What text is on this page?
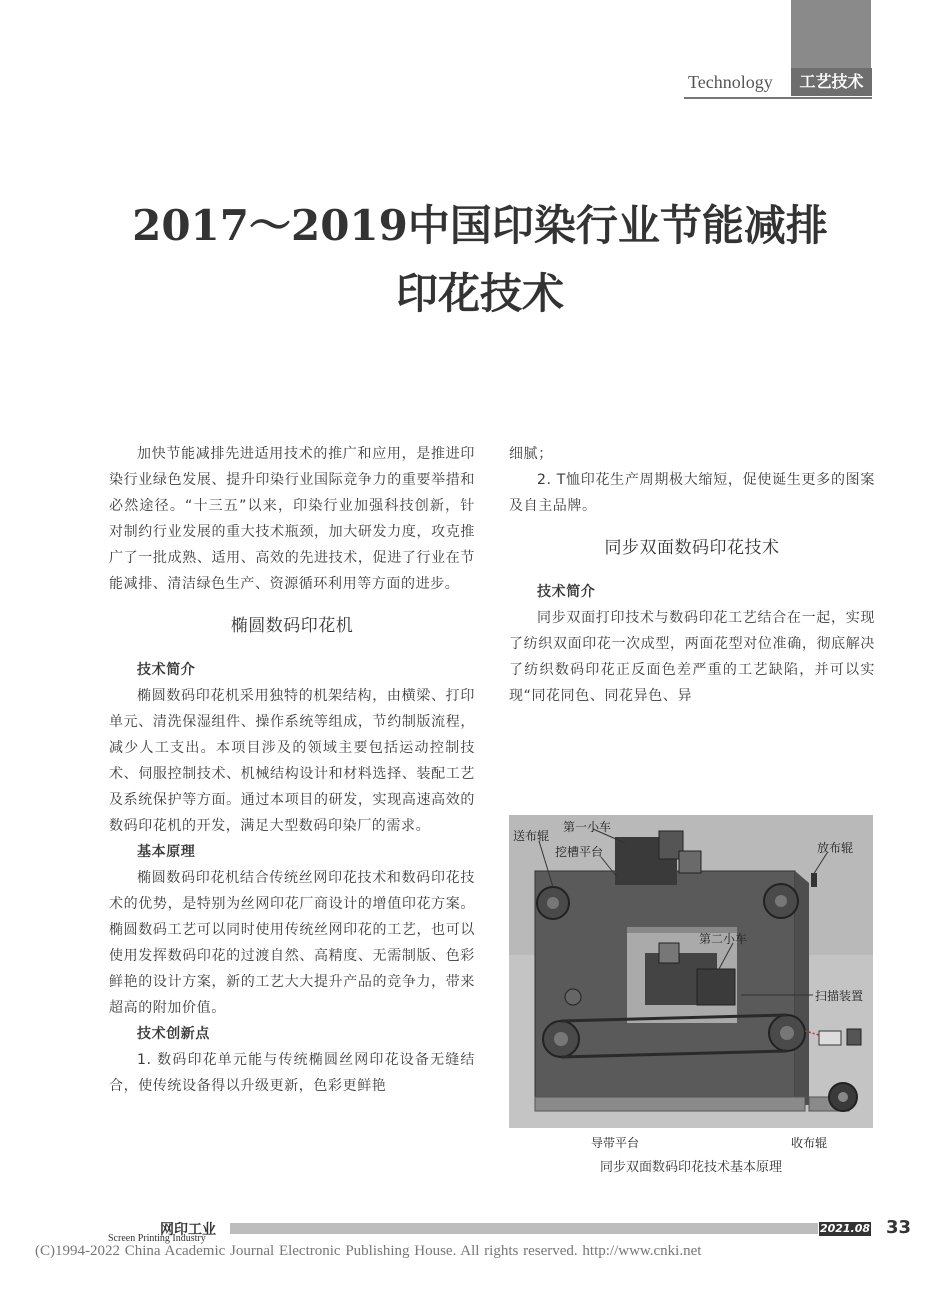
Technology	工艺技术
2017～2019中国印染行业节能减排
印花技术

加快节能减排先进适用技术的推广和应用，是推进印染行业绿色发展、提升印染行业国际竞争力的重要举措和必然途径。“十三五”以来，印染行业加强科技创新，针对制约行业发展的重大技术瓶颈，加大研发力度，攻克推广了一批成熟、适用、高效的先进技术，促进了行业在节能减排、清洁绿色生产、资源循环利用等方面的进步。

椭圆数码印花机

技术简介

椭圆数码印花机采用独特的机架结构，由横梁、打印单元、清洗保湿组件、操作系统等组成，节约制版流程，减少人工支出。本项目涉及的领域主要包括运动控制技术、伺服控制技术、机械结构设计和材料选择、装配工艺及系统保护等方面。通过本项目的研发，实现高速高效的数码印花机的开发，满足大型数码印染厂的需求。

基本原理

椭圆数码印花机结合传统丝网印花技术和数码印花技术的优势，是特别为丝网印花厂商设计的增值印花方案。椭圆数码工艺可以同时使用传统丝网印花的工艺，也可以使用发挥数码印花的过渡自然、高精度、无需制版、色彩鲜艳的设计方案，新的工艺大大提升产品的竞争力，带来超高的附加价值。

技术创新点

1. 数码印花单元能与传统椭圆丝网印花设备无缝结合，使传统设备得以升级更新，色彩更鲜艳

细腻；

2. T恤印花生产周期极大缩短，促使诞生更多的图案及自主品牌。

同步双面数码印花技术

技术简介

同步双面打印技术与数码印花工艺结合在一起，实现了纺织双面印花一次成型，两面花型对位准确，彻底解决了纺织数码印花正反面色差严重的工艺缺陷，并可以实现“同花同色、同花异色、异

送布辊
第一小车
挖槽平台	放布辊
第二小车
扫描装置
导带平台	收布辊
同步双面数码印花技术基本原理
网印工业
Screen Printing Industry
2021.08 33
(C)1994-2022 China Academic Journal Electronic Publishing House. All rights reserved. http://www.cnki.net
